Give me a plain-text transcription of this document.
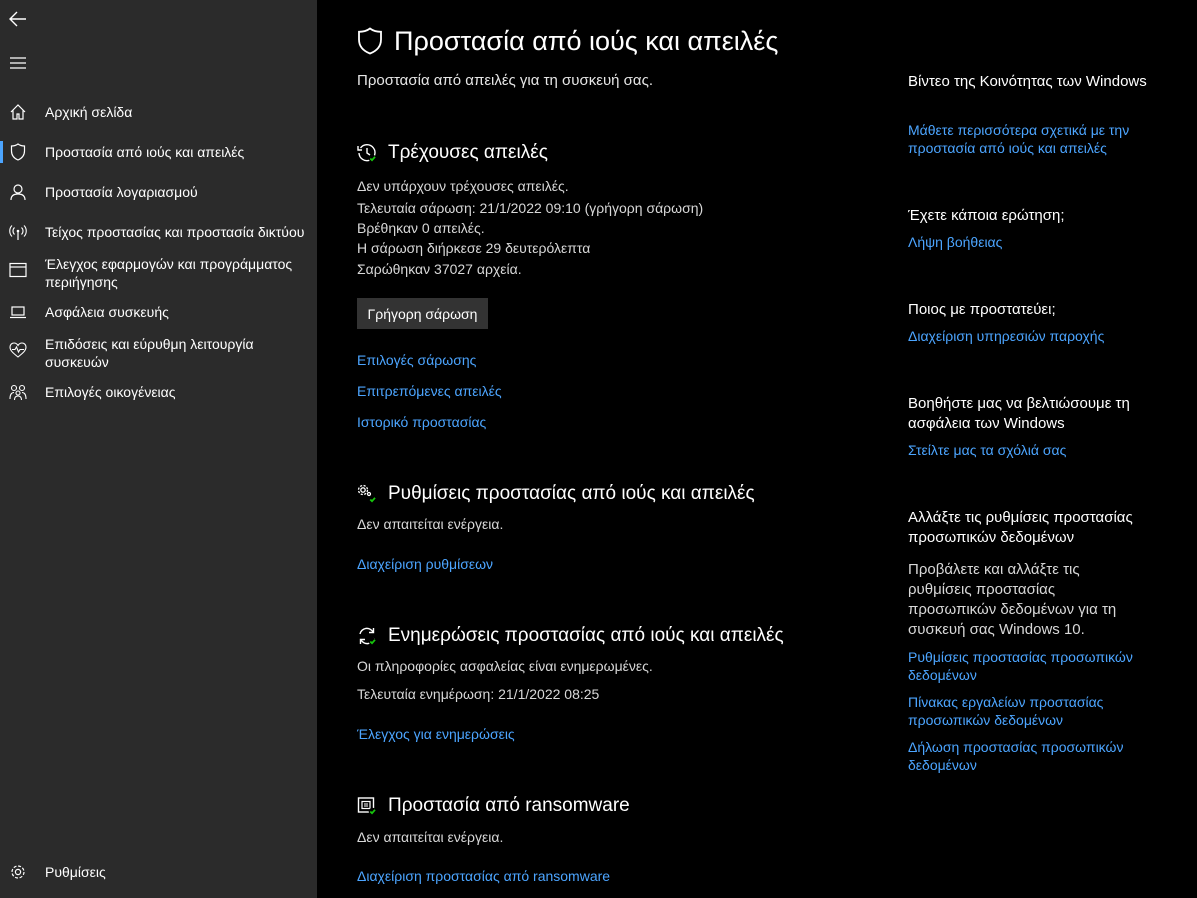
Αρχική σελίδα
Προστασία από ιούς και απειλές
Προστασία λογαριασμού
Τείχος προστασίας και προστασία δικτύου
Έλεγχος εφαρμογών και προγράμματος περιήγησης
Ασφάλεια συσκευής
Επιδόσεις και εύρυθμη λειτουργία συσκευών
Επιλογές οικογένειας
Ρυθμίσεις
Προστασία από ιούς και απειλές
Προστασία από απειλές για τη συσκευή σας.
Τρέχουσες απειλές
Δεν υπάρχουν τρέχουσες απειλές.
Τελευταία σάρωση: 21/1/2022 09:10 (γρήγορη σάρωση)
Βρέθηκαν 0 απειλές.
Η σάρωση διήρκεσε 29 δευτερόλεπτα
Σαρώθηκαν 37027 αρχεία.
Γρήγορη σάρωση
Επιλογές σάρωσης
Επιτρεπόμενες απειλές
Ιστορικό προστασίας
Ρυθμίσεις προστασίας από ιούς και απειλές
Δεν απαιτείται ενέργεια.
Διαχείριση ρυθμίσεων
Ενημερώσεις προστασίας από ιούς και απειλές
Οι πληροφορίες ασφαλείας είναι ενημερωμένες.
Τελευταία ενημέρωση: 21/1/2022 08:25
Έλεγχος για ενημερώσεις
Προστασία από ransomware
Δεν απαιτείται ενέργεια.
Διαχείριση προστασίας από ransomware
Βίντεο της Κοινότητας των Windows
Μάθετε περισσότερα σχετικά με την προστασία από ιούς και απειλές
Έχετε κάποια ερώτηση;
Λήψη βοήθειας
Ποιος με προστατεύει;
Διαχείριση υπηρεσιών παροχής
Βοηθήστε μας να βελτιώσουμε τη ασφάλεια των Windows
Στείλτε μας τα σχόλιά σας
Αλλάξτε τις ρυθμίσεις προστασίας προσωπικών δεδομένων
Προβάλετε και αλλάξτε τις ρυθμίσεις προστασίας προσωπικών δεδομένων για τη συσκευή σας Windows 10.
Ρυθμίσεις προστασίας προσωπικών δεδομένων
Πίνακας εργαλείων προστασίας προσωπικών δεδομένων
Δήλωση προστασίας προσωπικών δεδομένων
